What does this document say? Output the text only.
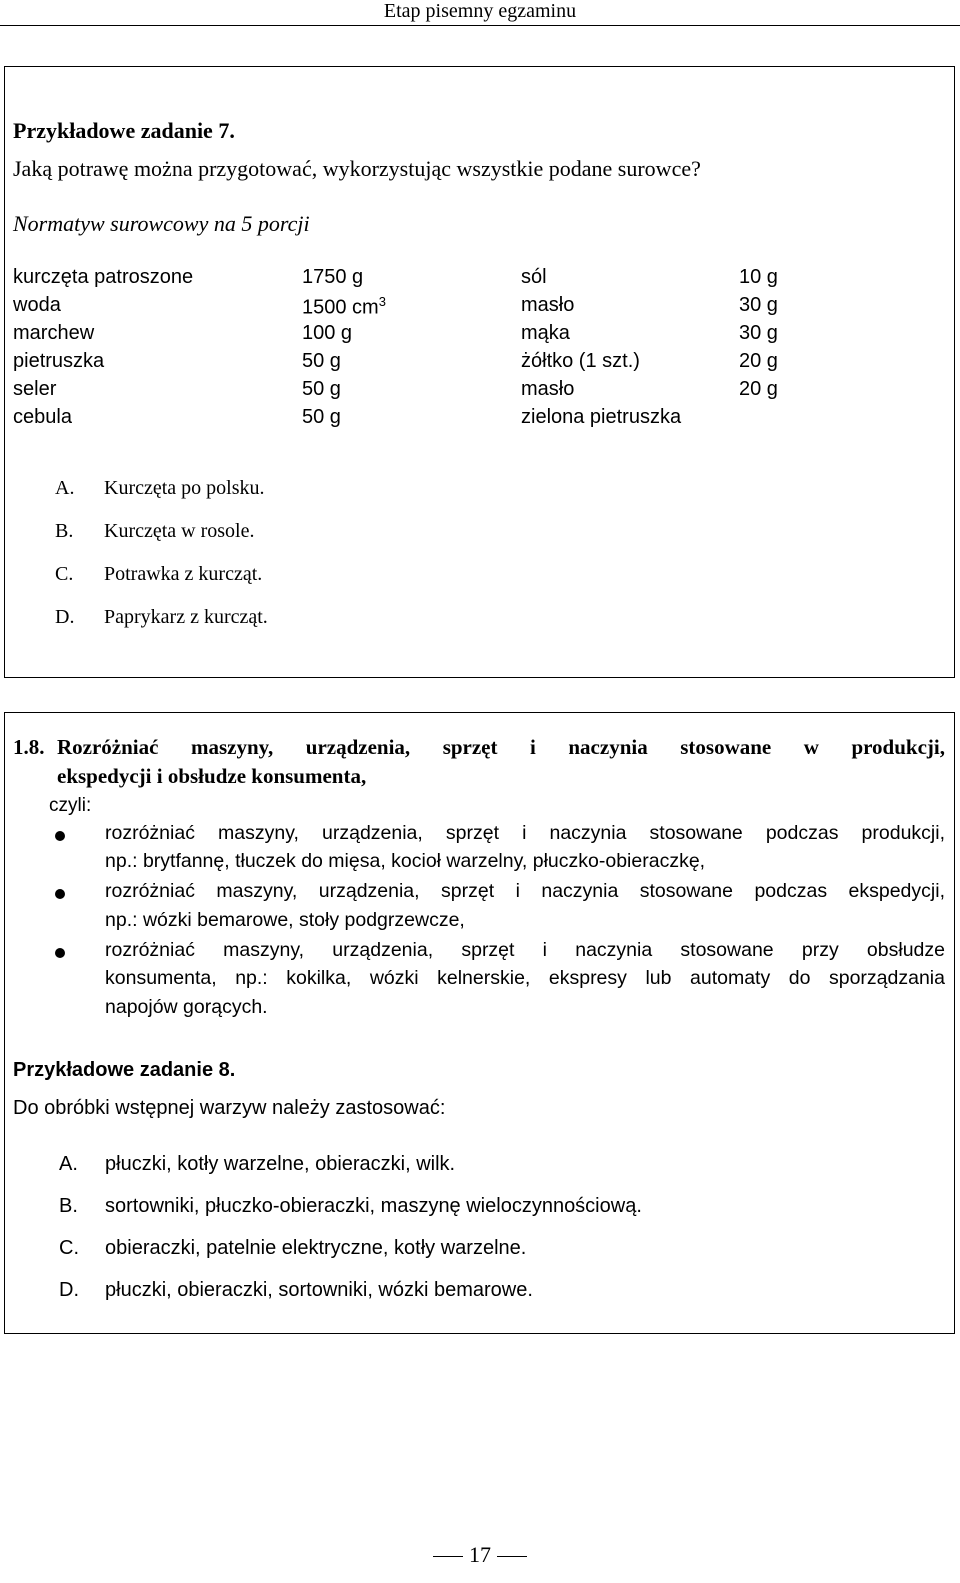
Etap pisemny egzaminu
Przykładowe zadanie 7.
Jaką potrawę można przygotować, wykorzystując wszystkie podane surowce?
Normatyw surowcowy na 5 porcji
kurczęta patroszone	1750 g	sól	10 g
woda	1500 $cm^3$	masło	30 g
marchew	100 g	mąka	30 g
pietruszka	50 g	żółtko (1 szt.)	20 g
seler	50 g	masło	20 g
cebula	50 g	zielona pietruszka
A. Kurczęta po polsku.
B. Kurczęta w rosole.
C. Potrawka z kurcząt.
D. Paprykarz z kurcząt.
1.8. Rozróżniać maszyny, urządzenia, sprzęt i naczynia stosowane w produkcji,
ekspedycji i obsłudze konsumenta,
czyli:
rozróżniać maszyny, urządzenia, sprzęt i naczynia stosowane podczas produkcji,
np.: brytfannę, tłuczek do mięsa, kocioł warzelny, płuczko-obieraczkę,
rozróżniać maszyny, urządzenia, sprzęt i naczynia stosowane podczas ekspedycji,
np.: wózki bemarowe, stoły podgrzewcze,
rozróżniać maszyny, urządzenia, sprzęt i naczynia stosowane przy obsłudze
konsumenta, np.: kokilka, wózki kelnerskie, ekspresy lub automaty do sporządzania
napojów gorących.
Przykładowe zadanie 8.
Do obróbki wstępnej warzyw należy zastosować:
A. płuczki, kotły warzelne, obieraczki, wilk.
B. sortowniki, płuczko-obieraczki, maszynę wieloczynnościową.
C. obieraczki, patelnie elektryczne, kotły warzelne.
D. płuczki, obieraczki, sortowniki, wózki bemarowe.
17
